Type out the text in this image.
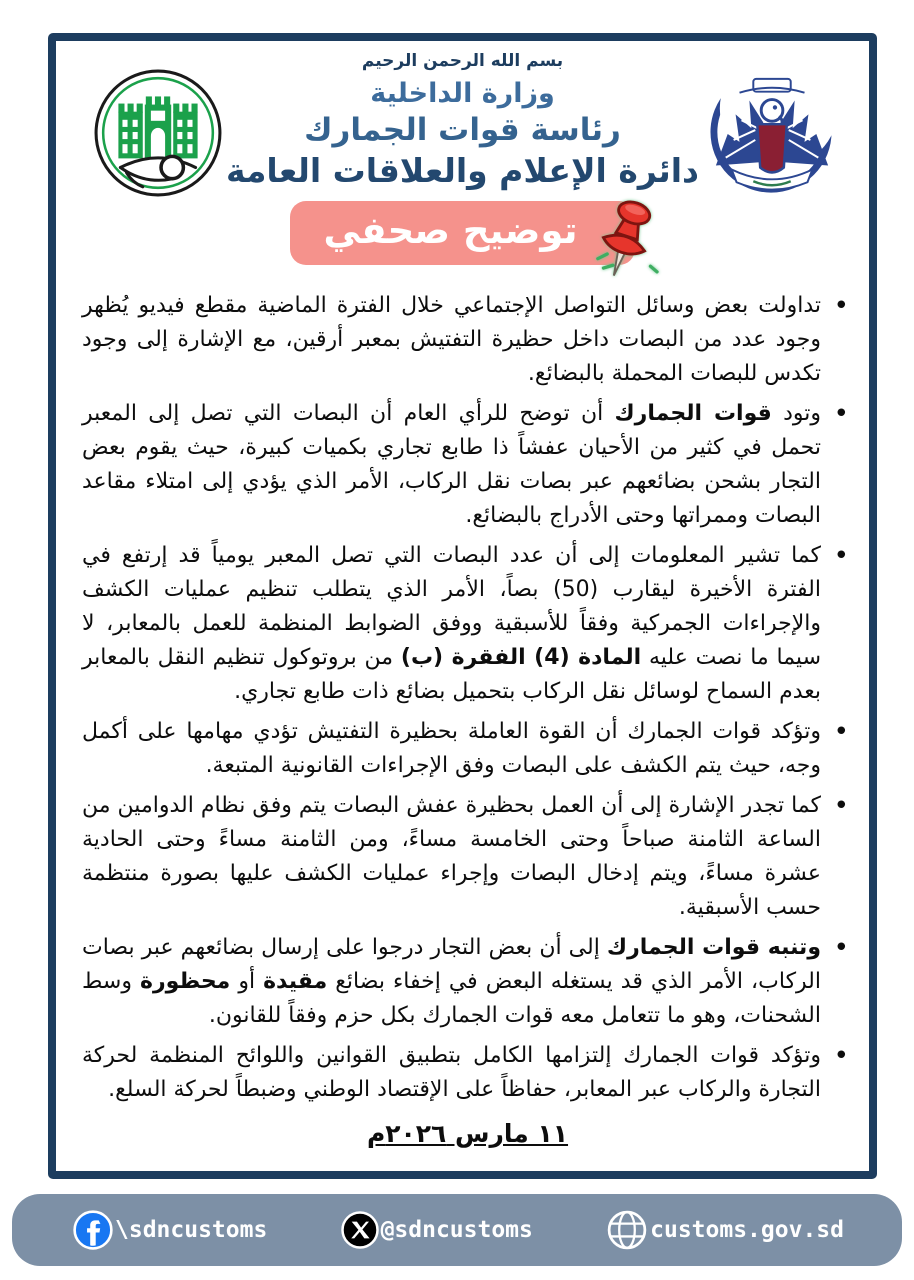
بسم الله الرحمن الرحيم
وزارة الداخلية
رئاسة قوات الجمارك
دائرة الإعلام والعلاقات العامة
توضيح صحفي
• تداولت بعض وسائل التواصل الإجتماعي خلال الفترة الماضية مقطع فيديو يُظهر وجود عدد من البصات داخل حظيرة التفتيش بمعبر أرقين، مع الإشارة إلى وجود تكدس للبصات المحملة بالبضائع.
• وتود قوات الجمارك أن توضح للرأي العام أن البصات التي تصل إلى المعبر تحمل في كثير من الأحيان عفشاً ذا طابع تجاري بكميات كبيرة، حيث يقوم بعض التجار بشحن بضائعهم عبر بصات نقل الركاب، الأمر الذي يؤدي إلى امتلاء مقاعد البصات وممراتها وحتى الأدراج بالبضائع.
• كما تشير المعلومات إلى أن عدد البصات التي تصل المعبر يومياً قد إرتفع في الفترة الأخيرة ليقارب (50) بصاً، الأمر الذي يتطلب تنظيم عمليات الكشف والإجراءات الجمركية وفقاً للأسبقية ووفق الضوابط المنظمة للعمل بالمعابر، لا سيما ما نصت عليه المادة (4) الفقرة (ب) من بروتوكول تنظيم النقل بالمعابر بعدم السماح لوسائل نقل الركاب بتحميل بضائع ذات طابع تجاري.
• وتؤكد قوات الجمارك أن القوة العاملة بحظيرة التفتيش تؤدي مهامها على أكمل وجه، حيث يتم الكشف على البصات وفق الإجراءات القانونية المتبعة.
• كما تجدر الإشارة إلى أن العمل بحظيرة عفش البصات يتم وفق نظام الدوامين من الساعة الثامنة صباحاً وحتى الخامسة مساءً، ومن الثامنة مساءً وحتى الحادية عشرة مساءً، ويتم إدخال البصات وإجراء عمليات الكشف عليها بصورة منتظمة حسب الأسبقية.
• وتنبه قوات الجمارك إلى أن بعض التجار درجوا على إرسال بضائعهم عبر بصات الركاب، الأمر الذي قد يستغله البعض في إخفاء بضائع مقيدة أو محظورة وسط الشحنات، وهو ما تتعامل معه قوات الجمارك بكل حزم وفقاً للقانون.
• وتؤكد قوات الجمارك إلتزامها الكامل بتطبيق القوانين واللوائح المنظمة لحركة التجارة والركاب عبر المعابر، حفاظاً على الإقتصاد الوطني وضبطاً لحركة السلع.
١١ مارس ٢٠٢٦م
\sdncustoms	@sdncustoms	customs.gov.sd
